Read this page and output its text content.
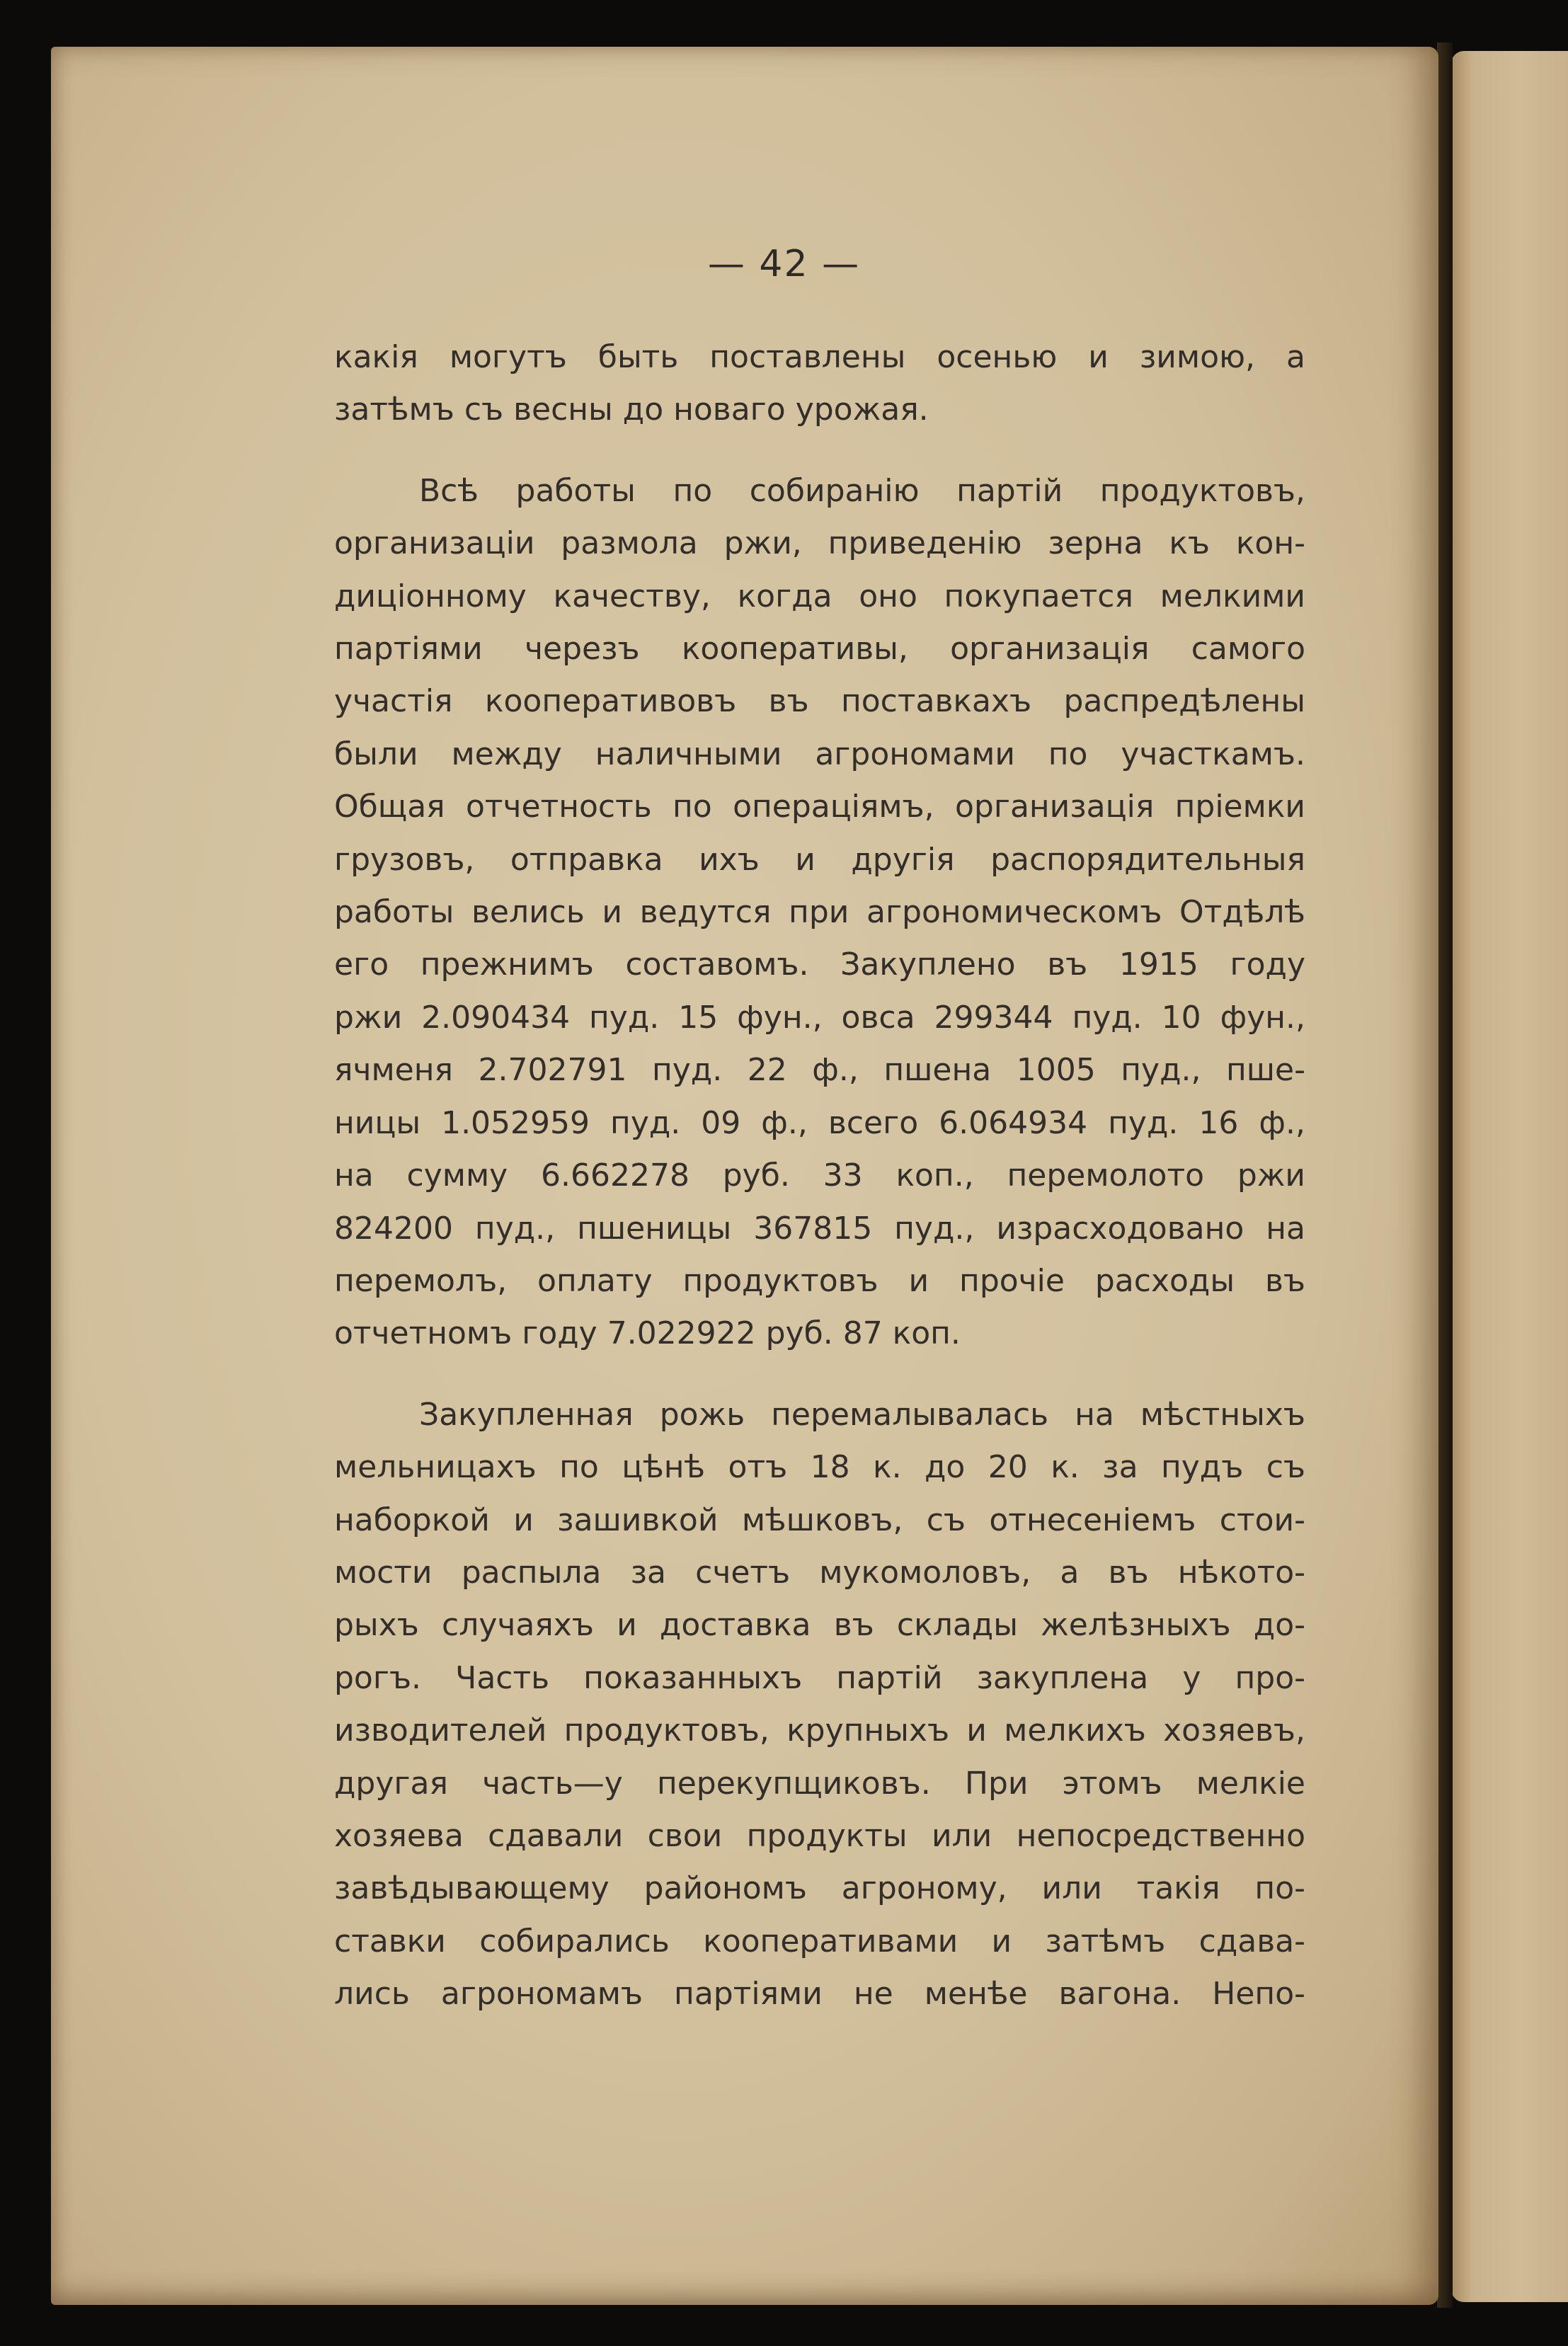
— 42 —
какія могутъ быть поставлены осенью и зимою, а
затѣмъ съ весны до новаго урожая.
Всѣ работы по собиранію партій продуктовъ,
организаціи размола ржи, приведенію зерна къ кон-
диціонному качеству, когда оно покупается мелкими
партіями черезъ кооперативы, организація самого
участія кооперативовъ въ поставкахъ распредѣлены
были между наличными агрономами по участкамъ.
Общая отчетность по операціямъ, организація пріемки
грузовъ, отправка ихъ и другія распорядительныя
работы велись и ведутся при агрономическомъ Отдѣлѣ
его прежнимъ составомъ. Закуплено въ 1915 году
ржи 2.090434 пуд. 15 фун., овса 299344 пуд. 10 фун.,
ячменя 2.702791 пуд. 22 ф., пшена 1005 пуд., пше-
ницы 1.052959 пуд. 09 ф., всего 6.064934 пуд. 16 ф.,
на сумму 6.662278 руб. 33 коп., перемолото ржи
824200 пуд., пшеницы 367815 пуд., израсходовано на
перемолъ, оплату продуктовъ и прочіе расходы въ
отчетномъ году 7.022922 руб. 87 коп.
Закупленная рожь перемалывалась на мѣстныхъ
мельницахъ по цѣнѣ отъ 18 к. до 20 к. за пудъ съ
наборкой и зашивкой мѣшковъ, съ отнесеніемъ стои-
мости распыла за счетъ мукомоловъ, а въ нѣкото-
рыхъ случаяхъ и доставка въ склады желѣзныхъ до-
рогъ. Часть показанныхъ партій закуплена у про-
изводителей продуктовъ, крупныхъ и мелкихъ хозяевъ,
другая часть—у перекупщиковъ. При этомъ мелкіе
хозяева сдавали свои продукты или непосредственно
завѣдывающему райономъ агроному, или такія по-
ставки собирались кооперативами и затѣмъ сдава-
лись агрономамъ партіями не менѣе вагона. Непо-
